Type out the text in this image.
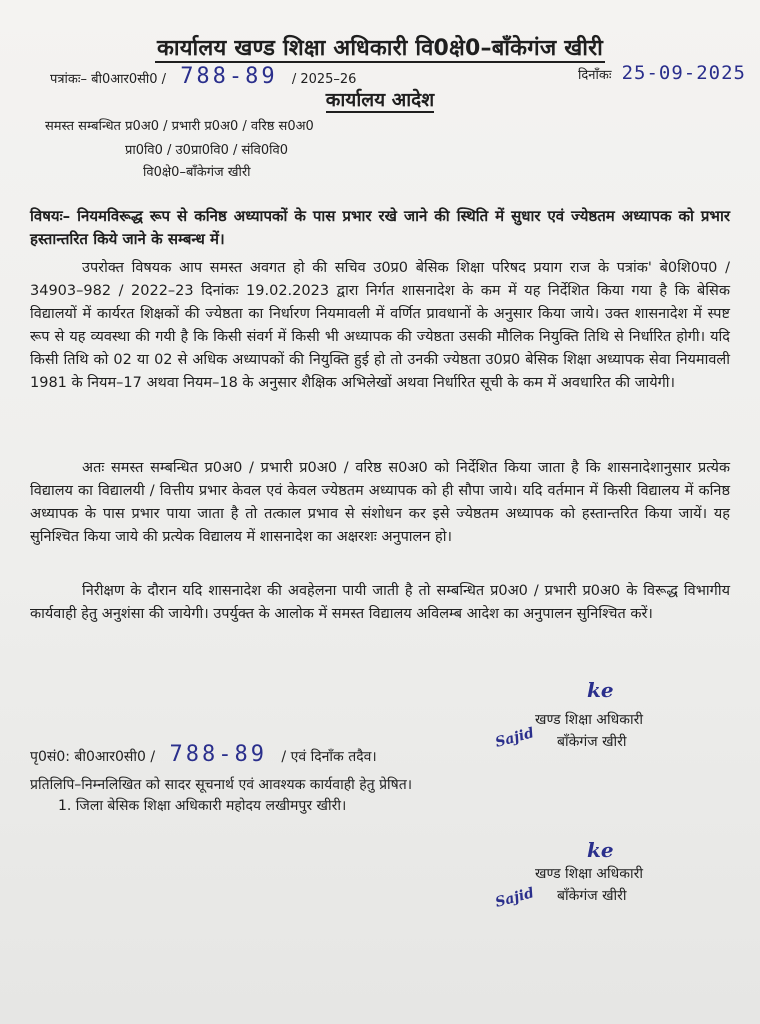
कार्यालय खण्ड शिक्षा अधिकारी वि0क्षे0–बाँकेगंज खीरी
पत्रांकः– बी0आर0सी0 / 788-89 / 2025–26	दिनाँकः 25-09-2025
कार्यालय आदेश
समस्त सम्बन्धित प्र0अ0 / प्रभारी प्र0अ0 / वरिष्ठ स0अ0
प्रा0वि0 / उ0प्रा0वि0 / संवि0वि0
वि0क्षे0–बाँकेगंज खीरी
विषयः– नियमविरूद्ध रूप से कनिष्ठ अध्यापकों के पास प्रभार रखे जाने की स्थिति में सुधार एवं ज्येष्ठतम अध्यापक को प्रभार हस्तान्तरित किये जाने के सम्बन्ध में।
उपरोक्त विषयक आप समस्त अवगत हो की सचिव उ0प्र0 बेसिक शिक्षा परिषद प्रयाग राज के पत्रांक' बे0शि0प0 / 34903–982 / 2022–23 दिनांकः 19.02.2023 द्वारा निर्गत शासनादेश के कम में यह निर्देशित किया गया है कि बेसिक विद्यालयों में कार्यरत शिक्षकों की ज्येष्ठता का निर्धारण नियमावली में वर्णित प्रावधानों के अनुसार किया जाये। उक्त शासनादेश में स्पष्ट रूप से यह व्यवस्था की गयी है कि किसी संवर्ग में किसी भी अध्यापक की ज्येष्ठता उसकी मौलिक नियुक्ति तिथि से निर्धारित होगी। यदि किसी तिथि को 02 या 02 से अधिक अध्यापकों की नियुक्ति हुई हो तो उनकी ज्येष्ठता उ0प्र0 बेसिक शिक्षा अध्यापक सेवा नियमावली 1981 के नियम–17 अथवा नियम–18 के अनुसार शैक्षिक अभिलेखों अथवा निर्धारित सूची के कम में अवधारित की जायेगी।
अतः समस्त सम्बन्धित प्र0अ0 / प्रभारी प्र0अ0 / वरिष्ठ स0अ0 को निर्देशित किया जाता है कि शासनादेशानुसार प्रत्येक विद्यालय का विद्यालयी / वित्तीय प्रभार केवल एवं केवल ज्येष्ठतम अध्यापक को ही सौपा जाये। यदि वर्तमान में किसी विद्यालय में कनिष्ठ अध्यापक के पास प्रभार पाया जाता है तो तत्काल प्रभाव से संशोधन कर इसे ज्येष्ठतम अध्यापक को हस्तान्तरित किया जायें। यह सुनिश्चित किया जाये की प्रत्येक विद्यालय में शासनादेश का अक्षरशः अनुपालन हो।
निरीक्षण के दौरान यदि शासनादेश की अवहेलना पायी जाती है तो सम्बन्धित प्र0अ0 / प्रभारी प्र0अ0 के विरूद्ध विभागीय कार्यवाही हेतु अनुशंसा की जायेगी। उपर्युक्त के आलोक में समस्त विद्यालय अविलम्ब आदेश का अनुपालन सुनिश्चित करें।
ke
Sajid
खण्ड शिक्षा अधिकारी
बाँकेगंज खीरी
पृ0सं0: बी0आर0सी0 / 788-89 / एवं दिनाँक तदैव।
प्रतिलिपि–निम्नलिखित को सादर सूचनार्थ एवं आवश्यक कार्यवाही हेतु प्रेषित।
1. जिला बेसिक शिक्षा अधिकारी महोदय लखीमपुर खीरी।
ke
Sajid
खण्ड शिक्षा अधिकारी
बाँकेगंज खीरी
